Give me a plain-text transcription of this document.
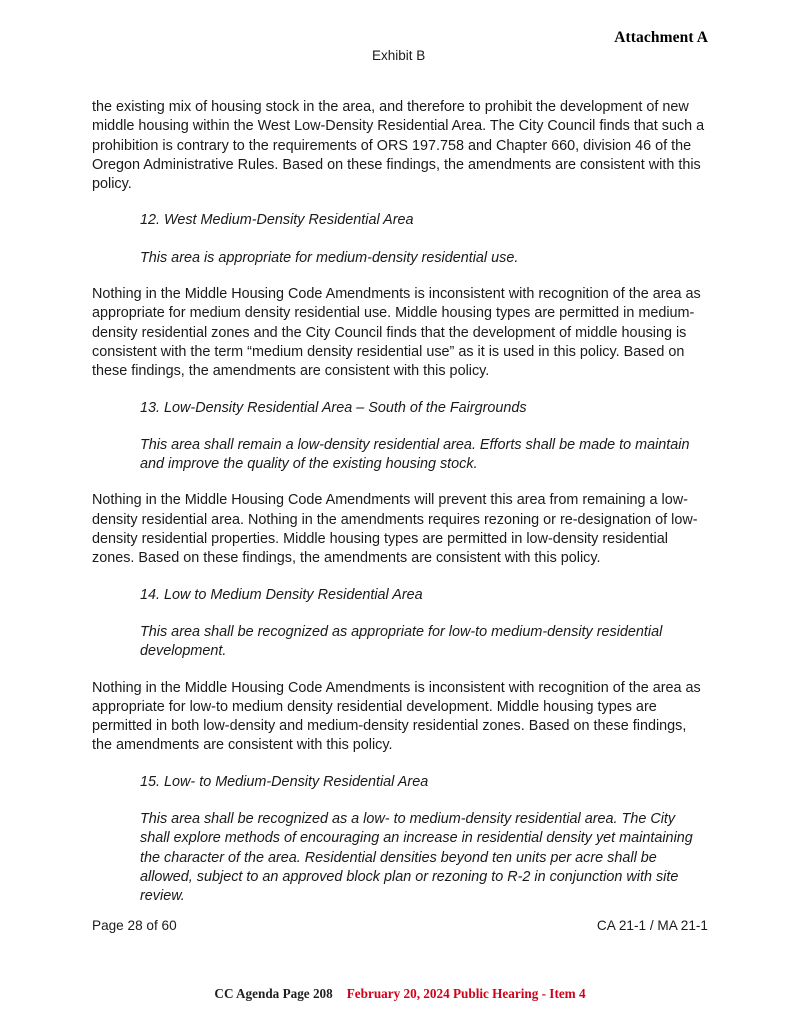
Attachment A
Exhibit B

the existing mix of housing stock in the area, and therefore to prohibit the development of new middle housing within the West Low-Density Residential Area. The City Council finds that such a prohibition is contrary to the requirements of ORS 197.758 and Chapter 660, division 46 of the Oregon Administrative Rules. Based on these findings, the amendments are consistent with this policy.

12. West Medium-Density Residential Area

This area is appropriate for medium-density residential use.

Nothing in the Middle Housing Code Amendments is inconsistent with recognition of the area as appropriate for medium density residential use. Middle housing types are permitted in medium-density residential zones and the City Council finds that the development of middle housing is consistent with the term “medium density residential use” as it is used in this policy. Based on these findings, the amendments are consistent with this policy.

13. Low-Density Residential Area – South of the Fairgrounds

This area shall remain a low-density residential area. Efforts shall be made to maintain and improve the quality of the existing housing stock.

Nothing in the Middle Housing Code Amendments will prevent this area from remaining a low-density residential area. Nothing in the amendments requires rezoning or re-designation of low-density residential properties. Middle housing types are permitted in low-density residential zones. Based on these findings, the amendments are consistent with this policy.

14. Low to Medium Density Residential Area

This area shall be recognized as appropriate for low-to medium-density residential development.

Nothing in the Middle Housing Code Amendments is inconsistent with recognition of the area as appropriate for low-to medium density residential development. Middle housing types are permitted in both low-density and medium-density residential zones. Based on these findings, the amendments are consistent with this policy.

15. Low- to Medium-Density Residential Area

This area shall be recognized as a low- to medium-density residential area. The City shall explore methods of encouraging an increase in residential density yet maintaining the character of the area. Residential densities beyond ten units per acre shall be allowed, subject to an approved block plan or rezoning to R-2 in conjunction with site review.

Page 28 of 60	CA 21-1 / MA 21-1
CC Agenda Page 208 February 20, 2024 Public Hearing - Item 4
